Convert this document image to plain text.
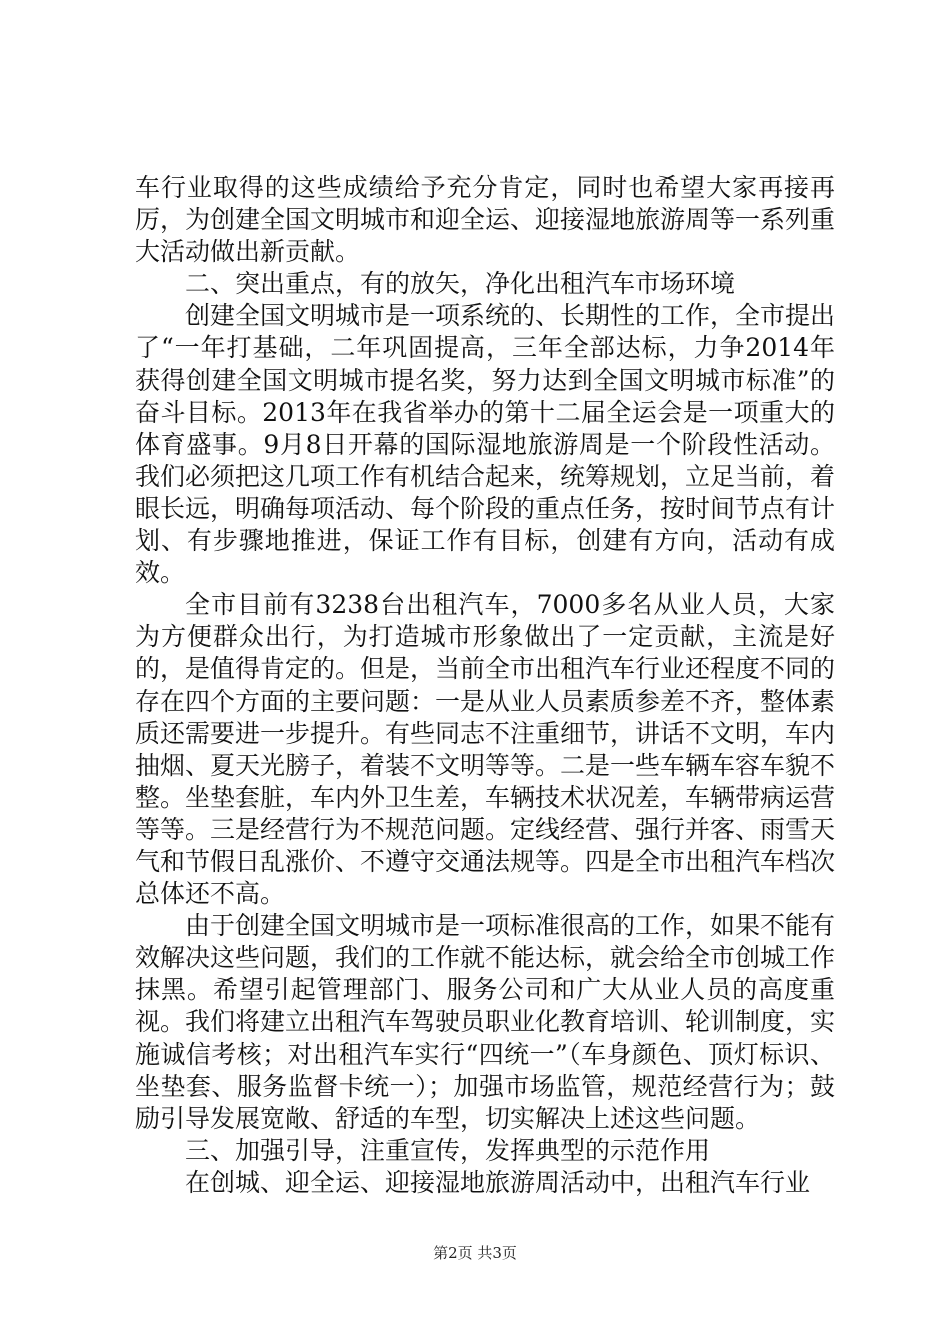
车行业取得的这些成绩给予充分肯定，同时也希望大家再接再厉，为创建全国文明城市和迎全运、迎接湿地旅游周等一系列重大活动做出新贡献。

二、突出重点，有的放矢，净化出租汽车市场环境

创建全国文明城市是一项系统的、长期性的工作，全市提出了“一年打基础，二年巩固提高，三年全部达标，力争2014年获得创建全国文明城市提名奖，努力达到全国文明城市标准”的奋斗目标。2013年在我省举办的第十二届全运会是一项重大的体育盛事。9月8日开幕的国际湿地旅游周是一个阶段性活动。我们必须把这几项工作有机结合起来，统筹规划，立足当前，着眼长远，明确每项活动、每个阶段的重点任务，按时间节点有计划、有步骤地推进，保证工作有目标，创建有方向，活动有成效。

全市目前有3238台出租汽车，7000多名从业人员，大家为方便群众出行，为打造城市形象做出了一定贡献，主流是好的，是值得肯定的。但是，当前全市出租汽车行业还程度不同的存在四个方面的主要问题：一是从业人员素质参差不齐，整体素质还需要进一步提升。有些同志不注重细节，讲话不文明，车内抽烟、夏天光膀子，着装不文明等等。二是一些车辆车容车貌不整。坐垫套脏，车内外卫生差，车辆技术状况差，车辆带病运营等等。三是经营行为不规范问题。定线经营、强行并客、雨雪天气和节假日乱涨价、不遵守交通法规等。四是全市出租汽车档次总体还不高。

由于创建全国文明城市是一项标准很高的工作，如果不能有效解决这些问题，我们的工作就不能达标，就会给全市创城工作抹黑。希望引起管理部门、服务公司和广大从业人员的高度重视。我们将建立出租汽车驾驶员职业化教育培训、轮训制度，实施诚信考核；对出租汽车实行“四统一”（车身颜色、顶灯标识、坐垫套、服务监督卡统一）；加强市场监管，规范经营行为；鼓励引导发展宽敞、舒适的车型，切实解决上述这些问题。

三、加强引导，注重宣传，发挥典型的示范作用

在创城、迎全运、迎接湿地旅游周活动中，出租汽车行业

第2页 共3页
